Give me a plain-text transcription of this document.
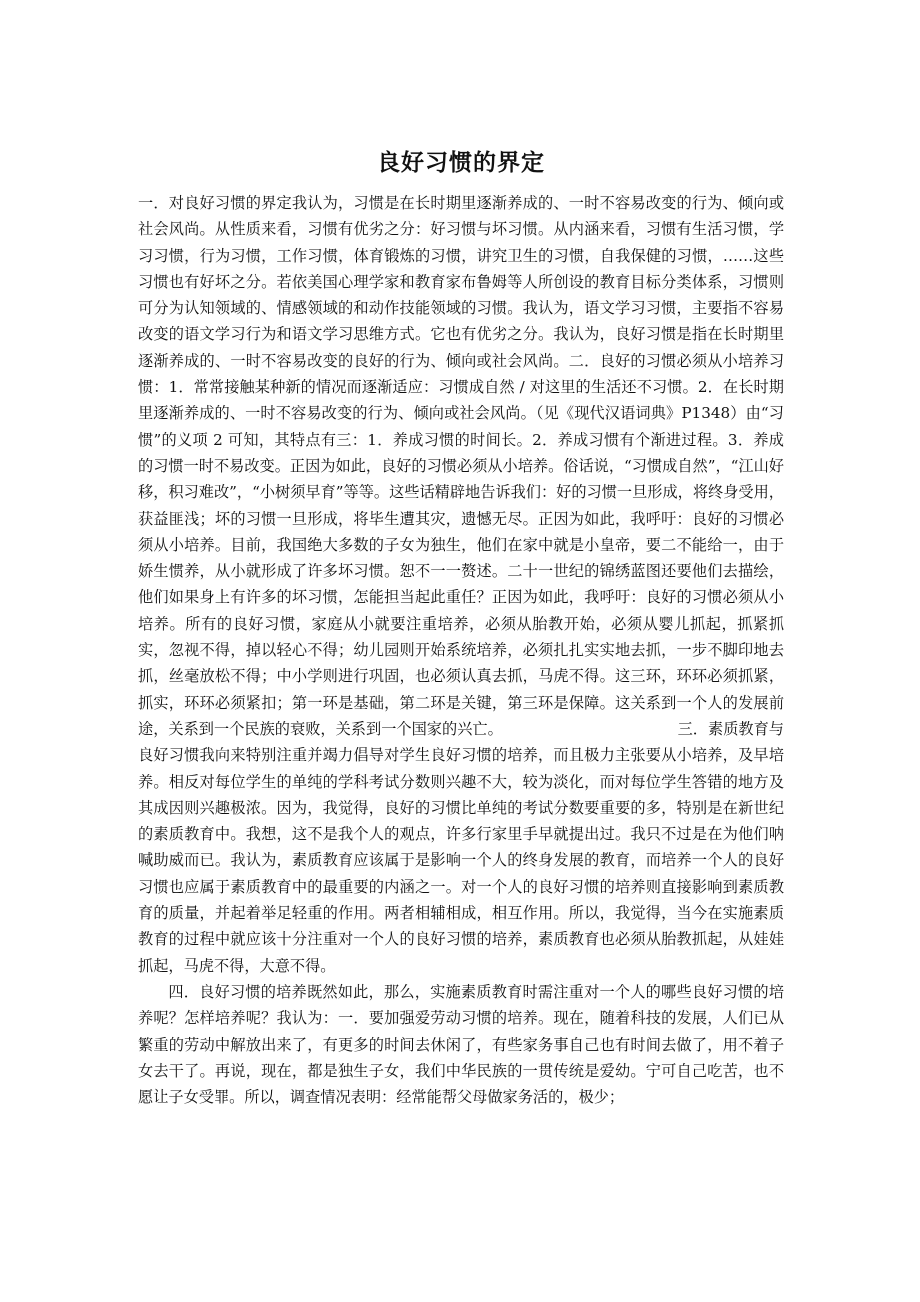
良好习惯的界定

一．对良好习惯的界定我认为，习惯是在长时期里逐渐养成的、一时不容易改变的行为、倾向或社会风尚。从性质来看，习惯有优劣之分：好习惯与坏习惯。从内涵来看，习惯有生活习惯，学习习惯，行为习惯，工作习惯，体育锻炼的习惯，讲究卫生的习惯，自我保健的习惯，……这些习惯也有好坏之分。若依美国心理学家和教育家布鲁姆等人所创设的教育目标分类体系，习惯则可分为认知领域的、情感领域的和动作技能领域的习惯。我认为，语文学习习惯，主要指不容易改变的语文学习行为和语文学习思维方式。它也有优劣之分。我认为，良好习惯是指在长时期里逐渐养成的、一时不容易改变的良好的行为、倾向或社会风尚。二．良好的习惯必须从小培养习惯：1．常常接触某种新的情况而逐渐适应：习惯成自然 / 对这里的生活还不习惯。2．在长时期里逐渐养成的、一时不容易改变的行为、倾向或社会风尚。（见《现代汉语词典》P1348）由“习惯”的义项 2 可知，其特点有三：1．养成习惯的时间长。2．养成习惯有个渐进过程。3．养成的习惯一时不易改变。正因为如此，良好的习惯必须从小培养。俗话说，“习惯成自然”，“江山好移，积习难改”，“小树须早育”等等。这些话精辟地告诉我们：好的习惯一旦形成，将终身受用，获益匪浅；坏的习惯一旦形成，将毕生遭其灾，遗憾无尽。正因为如此，我呼吁：良好的习惯必须从小培养。目前，我国绝大多数的子女为独生，他们在家中就是小皇帝，要二不能给一，由于娇生惯养，从小就形成了许多坏习惯。恕不一一赘述。二十一世纪的锦绣蓝图还要他们去描绘，他们如果身上有许多的坏习惯，怎能担当起此重任？正因为如此，我呼吁：良好的习惯必须从小培养。所有的良好习惯，家庭从小就要注重培养，必须从胎教开始，必须从婴儿抓起，抓紧抓实，忽视不得，掉以轻心不得；幼儿园则开始系统培养，必须扎扎实实地去抓，一步不脚印地去抓，丝毫放松不得；中小学则进行巩固，也必须认真去抓，马虎不得。这三环，环环必须抓紧，抓实，环环必须紧扣；第一环是基础，第二环是关键，第三环是保障。这关系到一个人的发展前途，关系到一个民族的衰败，关系到一个国家的兴亡。　　　　　　　　　　　　三．素质教育与良好习惯我向来特别注重并竭力倡导对学生良好习惯的培养，而且极力主张要从小培养，及早培养。相反对每位学生的单纯的学科考试分数则兴趣不大，较为淡化，而对每位学生答错的地方及其成因则兴趣极浓。因为，我觉得，良好的习惯比单纯的考试分数要重要的多，特别是在新世纪的素质教育中。我想，这不是我个人的观点，许多行家里手早就提出过。我只不过是在为他们呐喊助威而已。我认为，素质教育应该属于是影响一个人的终身发展的教育，而培养一个人的良好习惯也应属于素质教育中的最重要的内涵之一。对一个人的良好习惯的培养则直接影响到素质教育的质量，并起着举足轻重的作用。两者相辅相成，相互作用。所以，我觉得，当今在实施素质教育的过程中就应该十分注重对一个人的良好习惯的培养，素质教育也必须从胎教抓起，从娃娃抓起，马虎不得，大意不得。

四．良好习惯的培养既然如此，那么，实施素质教育时需注重对一个人的哪些良好习惯的培养呢？怎样培养呢？我认为：一．要加强爱劳动习惯的培养。现在，随着科技的发展，人们已从繁重的劳动中解放出来了，有更多的时间去休闲了，有些家务事自己也有时间去做了，用不着子女去干了。再说，现在，都是独生子女，我们中华民族的一贯传统是爱幼。宁可自己吃苦，也不愿让子女受罪。所以，调查情况表明：经常能帮父母做家务活的，极少；
